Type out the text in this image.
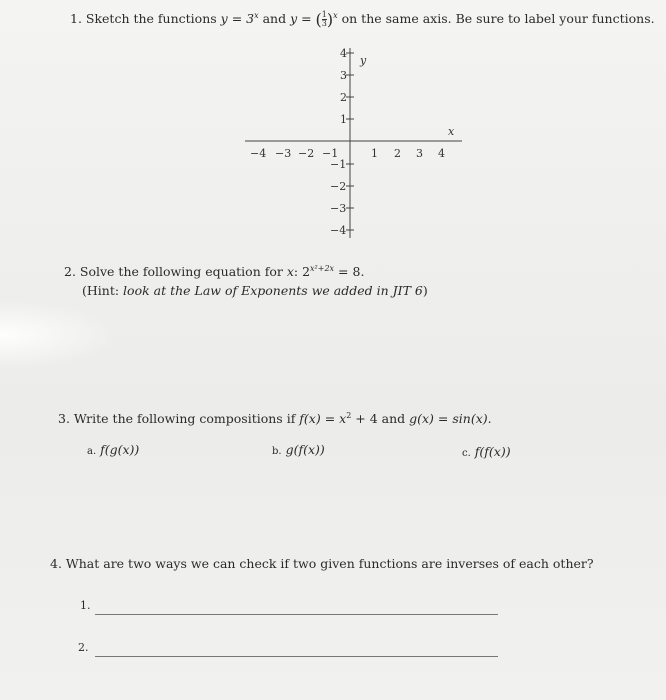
1. Sketch the functions $y = 3^x$ and y = ( $\frac{1}{3} )^x$ on the same axis. Be sure to label your functions.
y
x
4
3
2
1
−1
−2
−3
−4
−4 −3 −2 −1	1 2 3 4
2. Solve the following equation for x: $2^{x^2+2x} = 8$.
(Hint: look at the Law of Exponents we added in JIT 6)
3. Write the following compositions if $f(x) = x^2 + 4$ and g(x) = sin(x).
a. f(g(x))	b. g(f(x))	c. f(f(x))
4. What are two ways we can check if two given functions are inverses of each other?
1.
2.
